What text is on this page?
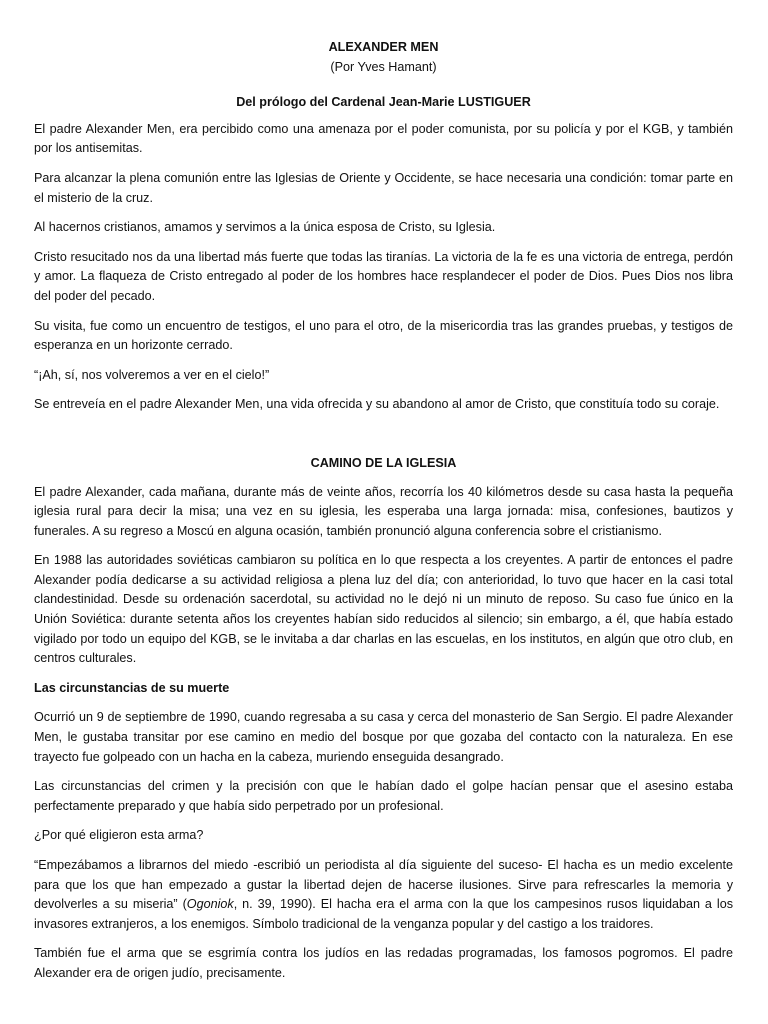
ALEXANDER MEN
(Por Yves Hamant)
Del prólogo del Cardenal Jean-Marie LUSTIGUER

El padre Alexander Men, era percibido como una amenaza por el poder comunista, por su policía y por el KGB, y también por los antisemitas.

Para alcanzar la plena comunión entre las Iglesias de Oriente y Occidente, se hace necesaria una condición: tomar parte en el misterio de la cruz.

Al hacernos cristianos, amamos y servimos a la única esposa de Cristo, su Iglesia.

Cristo resucitado nos da una libertad más fuerte que todas las tiranías. La victoria de la fe es una victoria de entrega, perdón y amor. La flaqueza de Cristo entregado al poder de los hombres hace resplandecer el poder de Dios. Pues Dios nos libra del poder del pecado.

Su visita, fue como un encuentro de testigos, el uno para el otro, de la misericordia tras las grandes pruebas, y testigos de esperanza en un horizonte cerrado.

“¡Ah, sí, nos volveremos a ver en el cielo!”

Se entreveía en el padre Alexander Men, una vida ofrecida y su abandono al amor de Cristo, que constituía todo su coraje.

CAMINO DE LA IGLESIA

El padre Alexander, cada mañana, durante más de veinte años, recorría los 40 kilómetros desde su casa hasta la pequeña iglesia rural para decir la misa; una vez en su iglesia, les esperaba una larga jornada: misa, confesiones, bautizos y funerales. A su regreso a Moscú en alguna ocasión, también pronunció alguna conferencia sobre el cristianismo.

En 1988 las autoridades soviéticas cambiaron su política en lo que respecta a los creyentes. A partir de entonces el padre Alexander podía dedicarse a su actividad religiosa a plena luz del día; con anterioridad, lo tuvo que hacer en la casi total clandestinidad. Desde su ordenación sacerdotal, su actividad no le dejó ni un minuto de reposo. Su caso fue único en la Unión Soviética: durante setenta años los creyentes habían sido reducidos al silencio; sin embargo, a él, que había estado vigilado por todo un equipo del KGB, se le invitaba a dar charlas en las escuelas, en los institutos, en algún que otro club, en centros culturales.

Las circunstancias de su muerte

Ocurrió un 9 de septiembre de 1990, cuando regresaba a su casa y cerca del monasterio de San Sergio. El padre Alexander Men, le gustaba transitar por ese camino en medio del bosque por que gozaba del contacto con la naturaleza. En ese trayecto fue golpeado con un hacha en la cabeza, muriendo enseguida desangrado.

Las circunstancias del crimen y la precisión con que le habían dado el golpe hacían pensar que el asesino estaba perfectamente preparado y que había sido perpetrado por un profesional.

¿Por qué eligieron esta arma?

“Empezábamos a librarnos del miedo -escribió un periodista al día siguiente del suceso- El hacha es un medio excelente para que los que han empezado a gustar la libertad dejen de hacerse ilusiones. Sirve para refrescarles la memoria y devolverles a su miseria” (Ogoniok, n. 39, 1990). El hacha era el arma con la que los campesinos rusos liquidaban a los invasores extranjeros, a los enemigos. Símbolo tradicional de la venganza popular y del castigo a los traidores.

También fue el arma que se esgrimía contra los judíos en las redadas programadas, los famosos pogromos. El padre Alexander era de origen judío, precisamente.
